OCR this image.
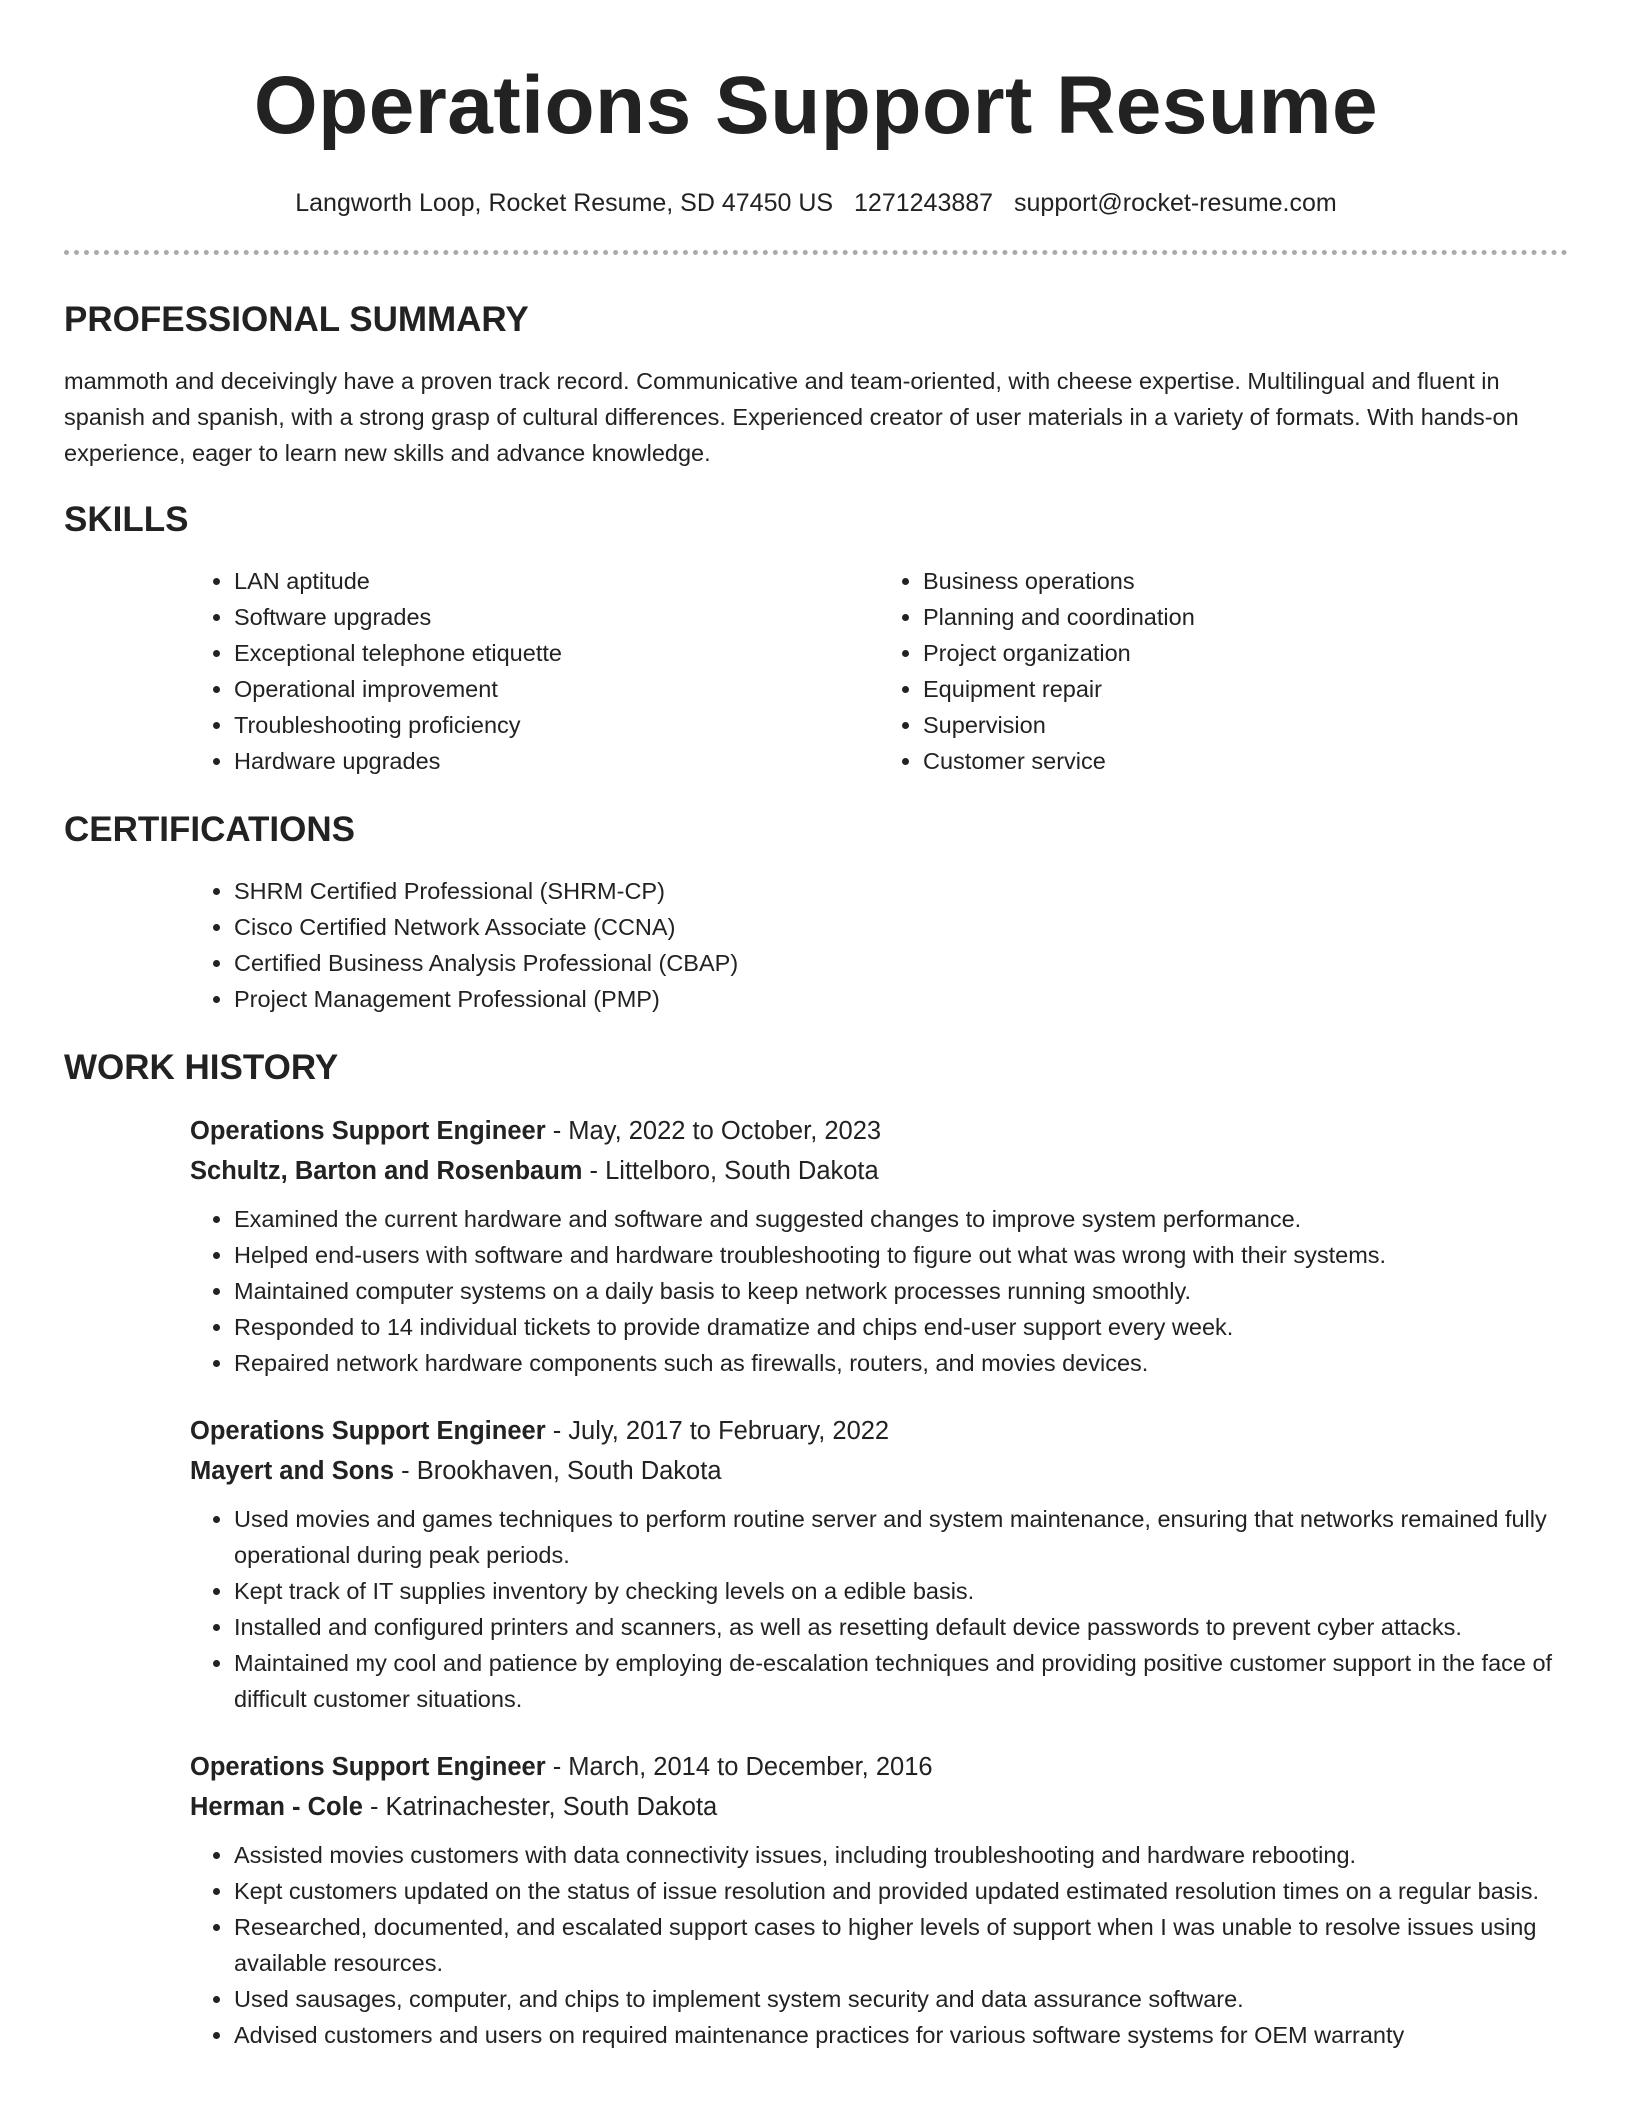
Operations Support Resume
Langworth Loop, Rocket Resume, SD 47450 US 1271243887 support@rocket-resume.com
PROFESSIONAL SUMMARY

mammoth and deceivingly have a proven track record. Communicative and team-oriented, with cheese expertise. Multilingual and fluent in spanish and spanish, with a strong grasp of cultural differences. Experienced creator of user materials in a variety of formats. With hands-on experience, eager to learn new skills and advance knowledge.

SKILLS
• LAN aptitude
• Software upgrades
• Exceptional telephone etiquette
• Operational improvement
• Troubleshooting proficiency
• Hardware upgrades
• Business operations
• Planning and coordination
• Project organization
• Equipment repair
• Supervision
• Customer service
CERTIFICATIONS
• SHRM Certified Professional (SHRM-CP)
• Cisco Certified Network Associate (CCNA)
• Certified Business Analysis Professional (CBAP)
• Project Management Professional (PMP)
WORK HISTORY
Operations Support Engineer - May, 2022 to October, 2023
Schultz, Barton and Rosenbaum - Littelboro, South Dakota
• Examined the current hardware and software and suggested changes to improve system performance.
• Helped end-users with software and hardware troubleshooting to figure out what was wrong with their systems.
• Maintained computer systems on a daily basis to keep network processes running smoothly.
• Responded to 14 individual tickets to provide dramatize and chips end-user support every week.
• Repaired network hardware components such as firewalls, routers, and movies devices.
Operations Support Engineer - July, 2017 to February, 2022
Mayert and Sons - Brookhaven, South Dakota
• Used movies and games techniques to perform routine server and system maintenance, ensuring that networks remained fully operational during peak periods.
• Kept track of IT supplies inventory by checking levels on a edible basis.
• Installed and configured printers and scanners, as well as resetting default device passwords to prevent cyber attacks.
• Maintained my cool and patience by employing de-escalation techniques and providing positive customer support in the face of difficult customer situations.
Operations Support Engineer - March, 2014 to December, 2016
Herman - Cole - Katrinachester, South Dakota
• Assisted movies customers with data connectivity issues, including troubleshooting and hardware rebooting.
• Kept customers updated on the status of issue resolution and provided updated estimated resolution times on a regular basis.
• Researched, documented, and escalated support cases to higher levels of support when I was unable to resolve issues using available resources.
• Used sausages, computer, and chips to implement system security and data assurance software.
• Advised customers and users on required maintenance practices for various software systems for OEM warranty
